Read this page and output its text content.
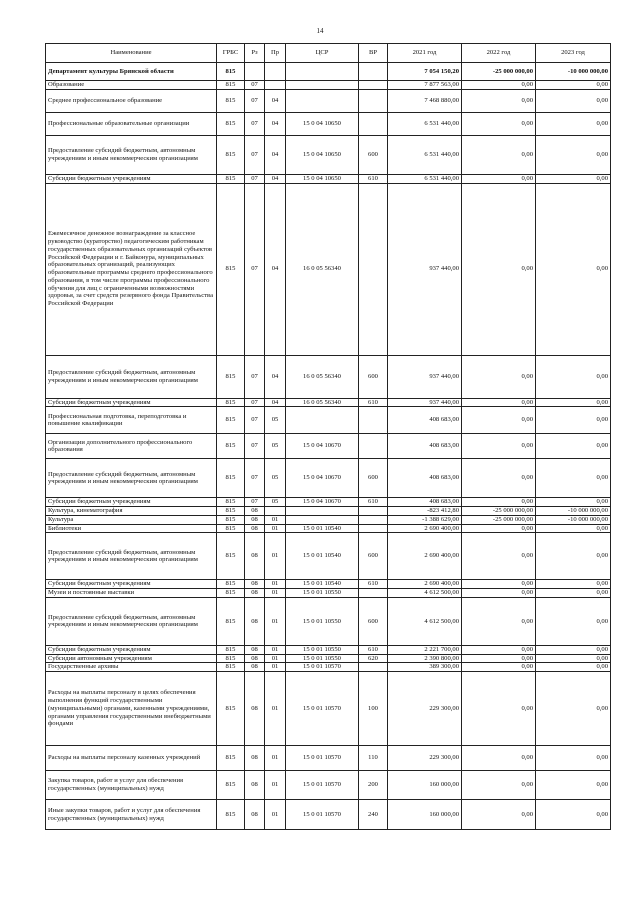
14
Наименование	ГРБС	Рз	Пр	ЦСР	ВР	2021 год	2022 год	2023 год
Департамент культуры Брянской области	815					7 054 150,20	-25 000 000,00	-10 000 000,00
Образование	815	07				7 877 563,00	0,00	0,00
Среднее профессиональное образование	815	07	04			7 468 880,00	0,00	0,00
Профессиональные образовательные организации	815	07	04	15 0 04 10650		6 531 440,00	0,00	0,00
Предоставление субсидий бюджетным, автономным учреждениям и иным некоммерческим организациям	815	07	04	15 0 04 10650	600	6 531 440,00	0,00	0,00
Субсидии бюджетным учреждениям	815	07	04	15 0 04 10650	610	6 531 440,00	0,00	0,00
Ежемесячное денежное вознаграждение за классное руководство (кураторство) педагогическим работникам государственных образовательных организаций субъектов Российской Федерации и г. Байконура, муниципальных образовательных организаций, реализующих образовательные программы среднего профессионального образования, в том числе программы профессионального обучения для лиц с ограниченными возможностями здоровья, за счет средств резервного фонда Правительства Российской Федерации	815	07	04	16 0 05 56340		937 440,00	0,00	0,00
Предоставление субсидий бюджетным, автономным учреждениям и иным некоммерческим организациям	815	07	04	16 0 05 56340	600	937 440,00	0,00	0,00
Субсидии бюджетным учреждениям	815	07	04	16 0 05 56340	610	937 440,00	0,00	0,00
Профессиональная подготовка, переподготовка и повышение квалификации	815	07	05			408 683,00	0,00	0,00
Организации дополнительного профессионального образования	815	07	05	15 0 04 10670		408 683,00	0,00	0,00
Предоставление субсидий бюджетным, автономным учреждениям и иным некоммерческим организациям	815	07	05	15 0 04 10670	600	408 683,00	0,00	0,00
Субсидии бюджетным учреждениям	815	07	05	15 0 04 10670	610	408 683,00	0,00	0,00
Культура, кинематография	815	08				-823 412,80	-25 000 000,00	-10 000 000,00
Культура	815	08	01			-1 388 629,00	-25 000 000,00	-10 000 000,00
Библиотеки	815	08	01	15 0 01 10540		2 690 400,00	0,00	0,00
Предоставление субсидий бюджетным, автономным учреждениям и иным некоммерческим организациям	815	08	01	15 0 01 10540	600	2 690 400,00	0,00	0,00
Субсидии бюджетным учреждениям	815	08	01	15 0 01 10540	610	2 690 400,00	0,00	0,00
Музеи и постоянные выставки	815	08	01	15 0 01 10550		4 612 500,00	0,00	0,00
Предоставление субсидий бюджетным, автономным учреждениям и иным некоммерческим организациям	815	08	01	15 0 01 10550	600	4 612 500,00	0,00	0,00
Субсидии бюджетным учреждениям	815	08	01	15 0 01 10550	610	2 221 700,00	0,00	0,00
Субсидии автономным учреждениям	815	08	01	15 0 01 10550	620	2 390 800,00	0,00	0,00
Государственные архивы	815	08	01	15 0 01 10570		389 300,00	0,00	0,00
Расходы на выплаты персоналу в целях обеспечения выполнения функций государственными (муниципальными) органами, казенными учреждениями, органами управления государственными внебюджетными фондами	815	08	01	15 0 01 10570	100	229 300,00	0,00	0,00
Расходы на выплаты персоналу казенных учреждений	815	08	01	15 0 01 10570	110	229 300,00	0,00	0,00
Закупка товаров, работ и услуг для обеспечения государственных (муниципальных) нужд	815	08	01	15 0 01 10570	200	160 000,00	0,00	0,00
Иные закупки товаров, работ и услуг для обеспечения государственных (муниципальных) нужд	815	08	01	15 0 01 10570	240	160 000,00	0,00	0,00
